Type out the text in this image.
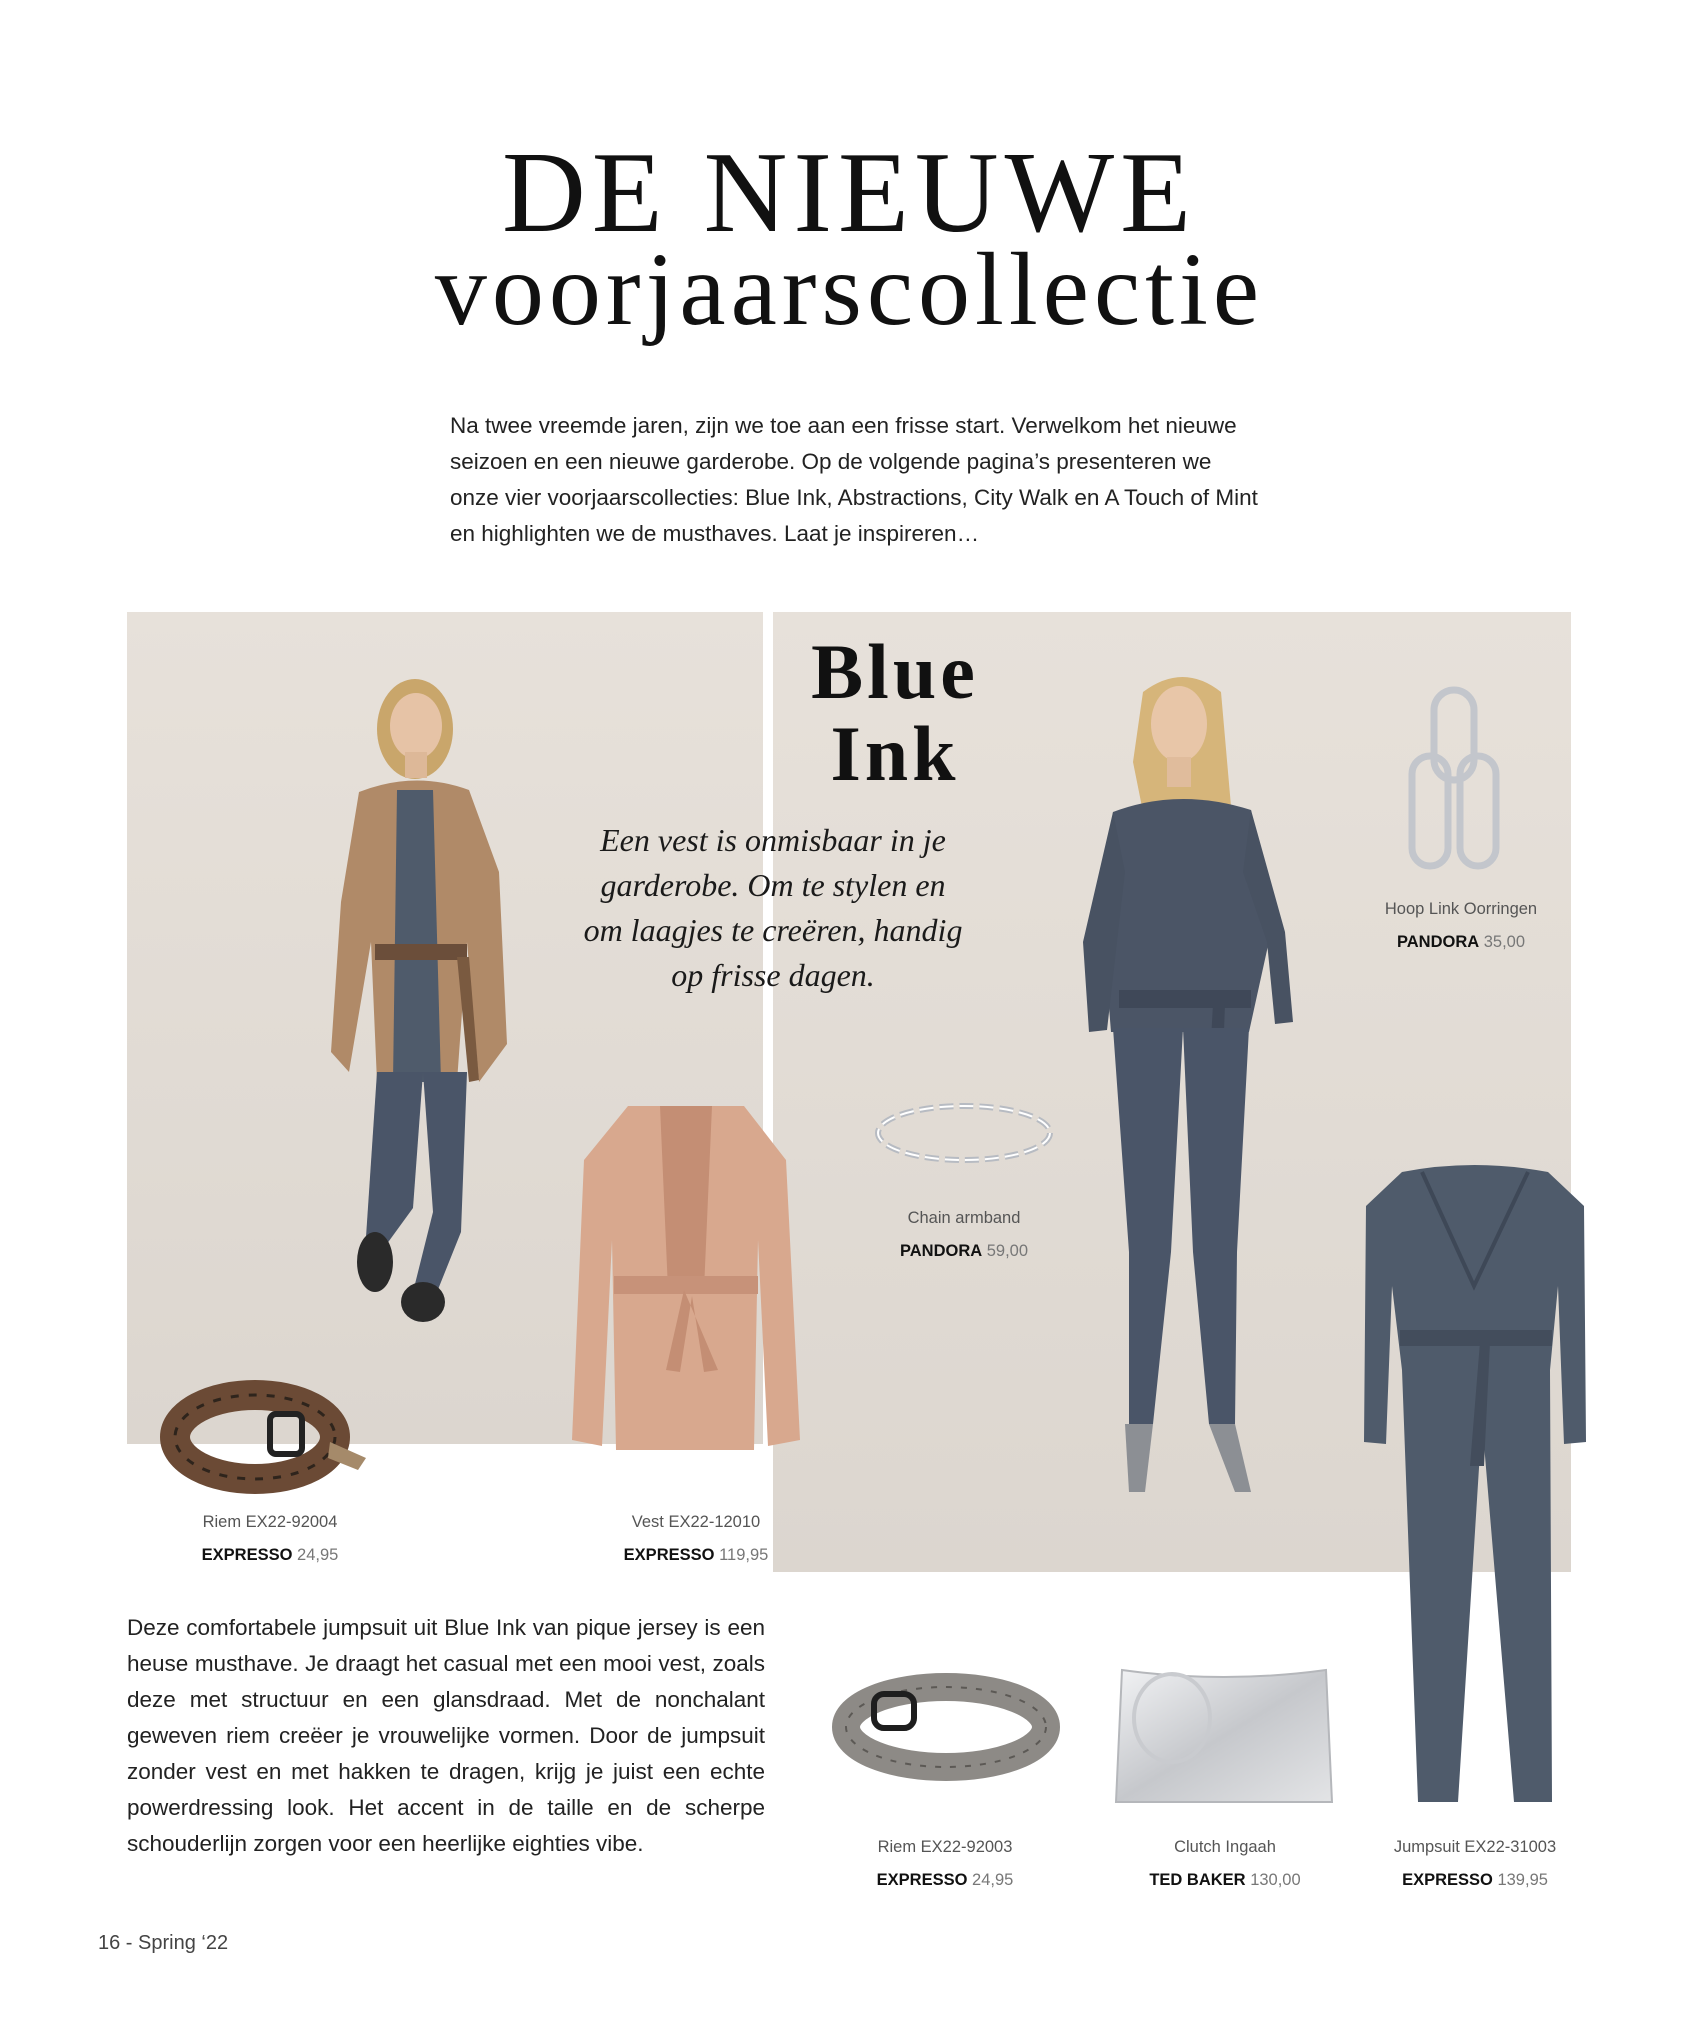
DE NIEUWE
voorjaarscollectie

Na twee vreemde jaren, zijn we toe aan een frisse start. Verwelkom het nieuwe seizoen en een nieuwe garderobe. Op de volgende pagina’s presenteren we onze vier voorjaarscollecties: Blue Ink, Abstractions, City Walk en A Touch of Mint en highlighten we de musthaves. Laat je inspireren…

Blue
Ink

Een vest is onmisbaar in je garderobe. Om te stylen en om laagjes te creëren, handig op frisse dagen.

Riem EX22-92004
EXPRESSO 24,95
Vest EX22-12010
EXPRESSO 119,95
Chain armband
PANDORA 59,00
Hoop Link Oorringen
PANDORA 35,00
Riem EX22-92003
EXPRESSO 24,95
Clutch Ingaah
TED BAKER 130,00
Jumpsuit EX22-31003
EXPRESSO 139,95

Deze comfortabele jumpsuit uit Blue Ink van pique jersey is een heuse musthave. Je draagt het casual met een mooi vest, zoals deze met structuur en een glansdraad. Met de nonchalant geweven riem creëer je vrouwelijke vormen. Door de jumpsuit zonder vest en met hakken te dragen, krijg je juist een echte powerdressing look. Het accent in de taille en de scherpe schouderlijn zorgen voor een heerlijke eighties vibe.

16 - Spring ‘22
